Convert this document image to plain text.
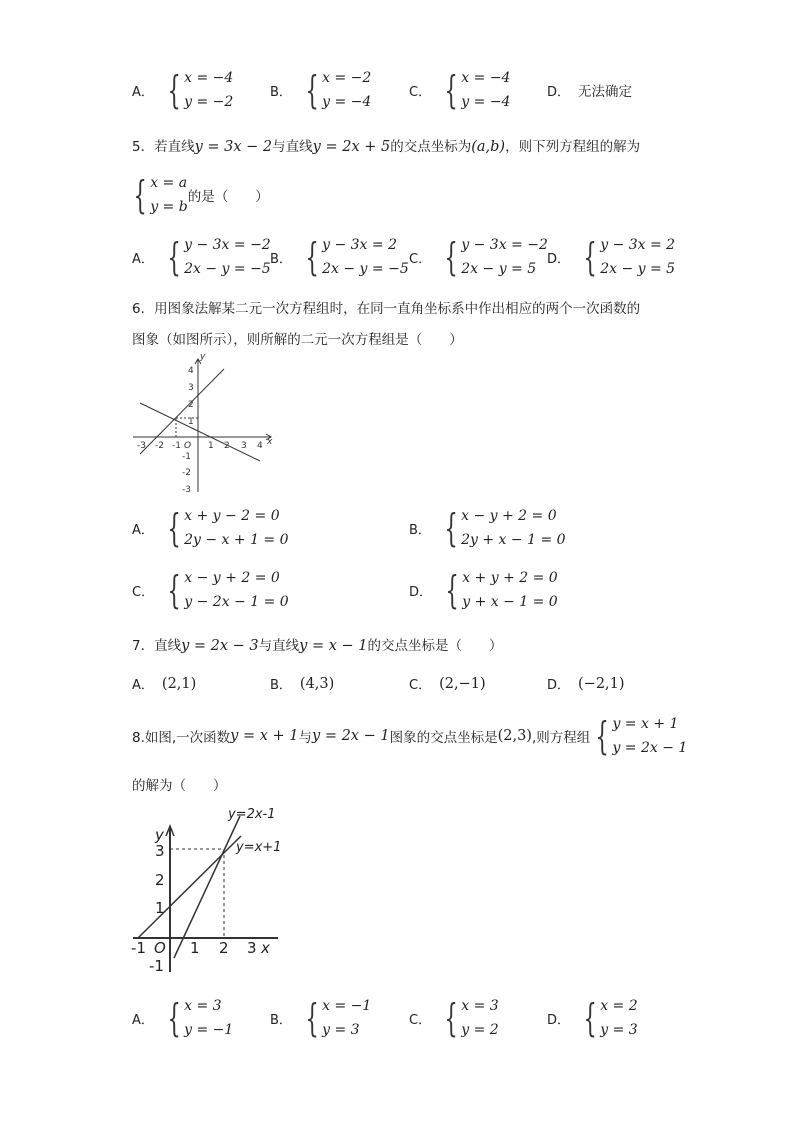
A． { x = −4
y = −2
B． { x = −2
y = −4
C． { x = −4
y = −4
D． 无法确定
5．若直线y = 3x − 2与直线y = 2x + 5的交点坐标为(a,b)，则下列方程组的解为
{ x = a
y = b
的是（　　）
A． { y − 3x = −2
2x − y = −5
B． { y − 3x = 2
2x − y = −5
C． { y − 3x = −2
2x − y = 5
D． { y − 3x = 2
2x − y = 5
6．用图象法解某二元一次方程组时，在同一直角坐标系中作出相应的两个一次函数的
图象（如图所示），则所解的二元一次方程组是（　　）
-3 -2 -1 O 1 2 3 4 x
y
4
3
2
1
-1
-2
-3
A． { x + y − 2 = 0
2y − x + 1 = 0
B． { x − y + 2 = 0
2y + x − 1 = 0
C． { x − y + 2 = 0
y − 2x − 1 = 0
D． { x + y + 2 = 0
y + x − 1 = 0
7．直线y = 2x − 3与直线y = x − 1的交点坐标是（　　）
A． (2,1)	B． (4,3)	C． (2,−1)	D． (−2,1)
8.如图,一次函数 y = x + 1 与 y = 2x − 1 图象的交点坐标是 (2,3) ,则方程组 { y = x + 1
y = 2x − 1
的解为（　　）
y=2x-1
y=x+1
y
3
2
1
-1
-1 O 1 2 3 x
A． { x = 3
y = −1
B． { x = −1
y = 3
C． { x = 3
y = 2
D． { x = 2
y = 3
